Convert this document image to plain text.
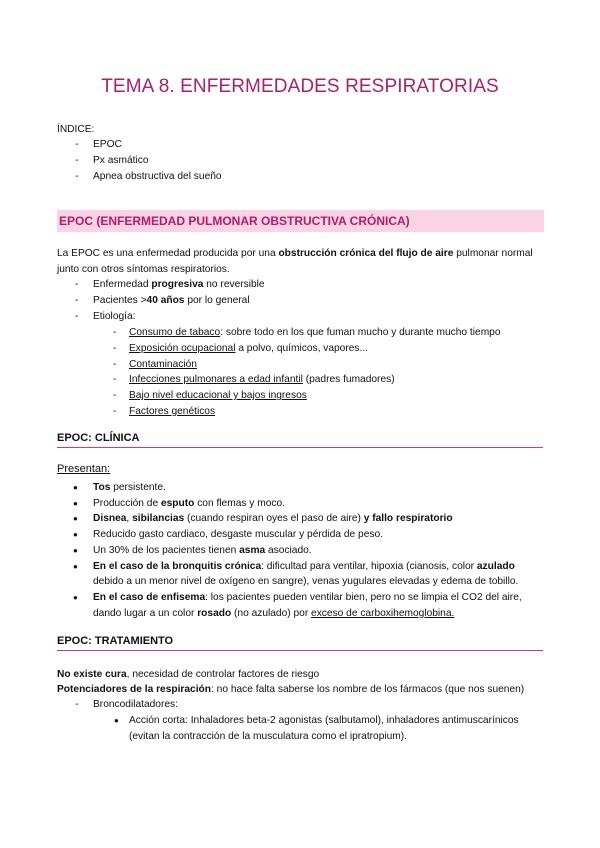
TEMA 8. ENFERMEDADES RESPIRATORIAS
ÍNDICE:
- EPOC
- Px asmático
- Apnea obstructiva del sueño
EPOC (ENFERMEDAD PULMONAR OBSTRUCTIVA CRÓNICA)
La EPOC es una enfermedad producida por una obstrucción crónica del flujo de aire pulmonar normal junto con otros síntomas respiratorios.
- Enfermedad progresiva no reversible
- Pacientes >40 años por lo general
- Etiología:
- Consumo de tabaco: sobre todo en los que fuman mucho y durante mucho tiempo
- Exposición ocupacional a polvo, químicos, vapores...
- Contaminación
- Infecciones pulmonares a edad infantil (padres fumadores)
- Bajo nivel educacional y bajos ingresos
- Factores genéticos
EPOC: CLÍNICA
Presentan:
● Tos persistente.
● Producción de esputo con flemas y moco.
● Disnea, sibilancias (cuando respiran oyes el paso de aire) y fallo respiratorio
● Reducido gasto cardiaco, desgaste muscular y pérdida de peso.
● Un 30% de los pacientes tienen asma asociado.
● En el caso de la bronquitis crónica: dificultad para ventilar, hipoxia (cianosis, color azulado debido a un menor nivel de oxígeno en sangre), venas yugulares elevadas y edema de tobillo.
● En el caso de enfisema: los pacientes pueden ventilar bien, pero no se limpia el CO2 del aire, dando lugar a un color rosado (no azulado) por exceso de carboxihemoglobina.
EPOC: TRATAMIENTO
No existe cura, necesidad de controlar factores de riesgo
Potenciadores de la respiración: no hace falta saberse los nombre de los fármacos (que nos suenen)
- Broncodilatadores:
● Acción corta: Inhaladores beta-2 agonistas (salbutamol), inhaladores antimuscarínicos (evitan la contracción de la musculatura como el ipratropium).
